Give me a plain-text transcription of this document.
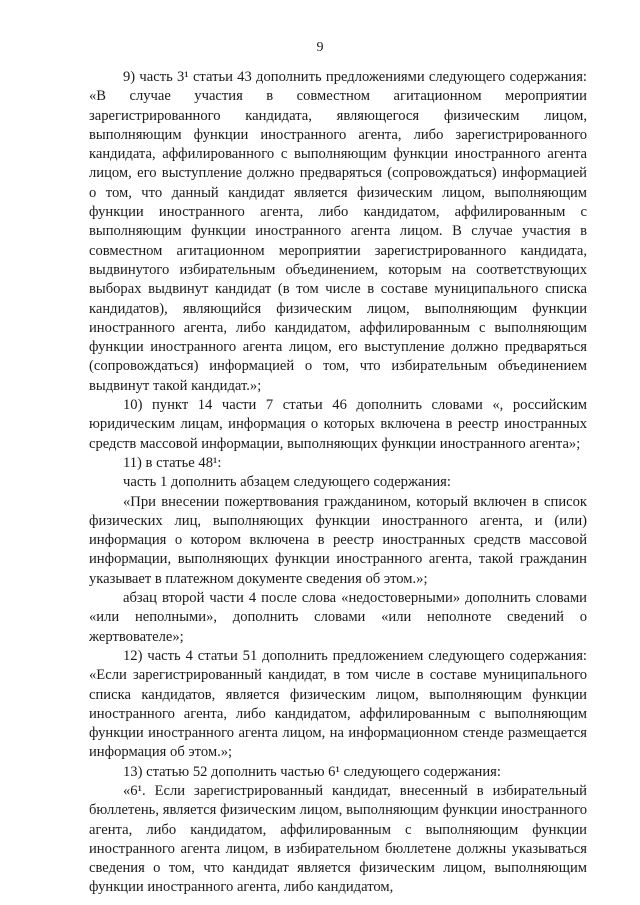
9

9) часть 3¹ статьи 43 дополнить предложениями следующего содержания: «В случае участия в совместном агитационном мероприятии зарегистрированного кандидата, являющегося физическим лицом, выполняющим функции иностранного агента, либо зарегистрированного кандидата, аффилированного с выполняющим функции иностранного агента лицом, его выступление должно предваряться (сопровождаться) информацией о том, что данный кандидат является физическим лицом, выполняющим функции иностранного агента, либо кандидатом, аффилированным с выполняющим функции иностранного агента лицом. В случае участия в совместном агитационном мероприятии зарегистрированного кандидата, выдвинутого избирательным объединением, которым на соответствующих выборах выдвинут кандидат (в том числе в составе муниципального списка кандидатов), являющийся физическим лицом, выполняющим функции иностранного агента, либо кандидатом, аффилированным с выполняющим функции иностранного агента лицом, его выступление должно предваряться (сопровождаться) информацией о том, что избирательным объединением выдвинут такой кандидат.»;

10) пункт 14 части 7 статьи 46 дополнить словами «, российским юридическим лицам, информация о которых включена в реестр иностранных средств массовой информации, выполняющих функции иностранного агента»;

11) в статье 48¹:

часть 1 дополнить абзацем следующего содержания:

«При внесении пожертвования гражданином, который включен в список физических лиц, выполняющих функции иностранного агента, и (или) информация о котором включена в реестр иностранных средств массовой информации, выполняющих функции иностранного агента, такой гражданин указывает в платежном документе сведения об этом.»;

абзац второй части 4 после слова «недостоверными» дополнить словами «или неполными», дополнить словами «или неполноте сведений о жертвователе»;

12) часть 4 статьи 51 дополнить предложением следующего содержания: «Если зарегистрированный кандидат, в том числе в составе муниципального списка кандидатов, является физическим лицом, выполняющим функции иностранного агента, либо кандидатом, аффилированным с выполняющим функции иностранного агента лицом, на информационном стенде размещается информация об этом.»;

13) статью 52 дополнить частью 6¹ следующего содержания:

«6¹. Если зарегистрированный кандидат, внесенный в избирательный бюллетень, является физическим лицом, выполняющим функции иностранного агента, либо кандидатом, аффилированным с выполняющим функции иностранного агента лицом, в избирательном бюллетене должны указываться сведения о том, что кандидат является физическим лицом, выполняющим функции иностранного агента, либо кандидатом,
